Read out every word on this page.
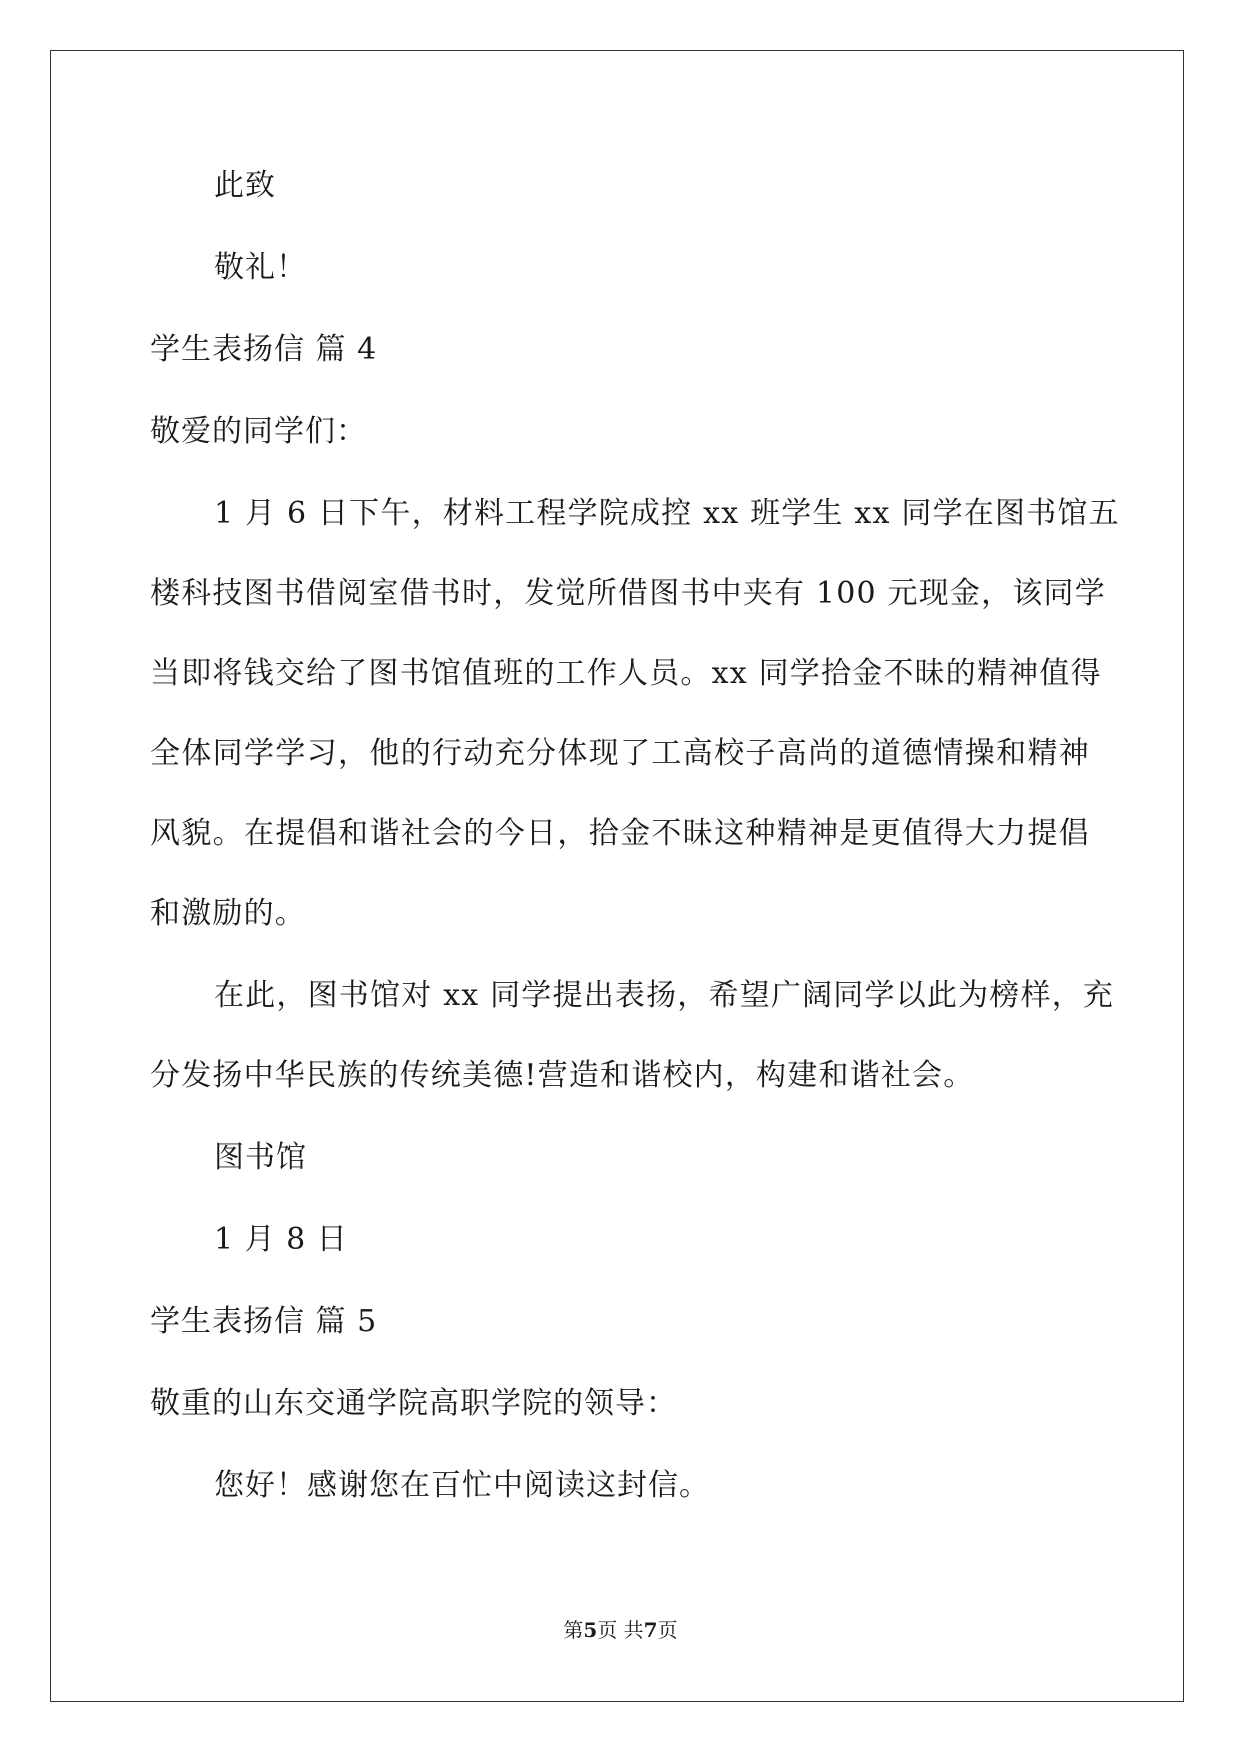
此致
敬礼！
学生表扬信 篇 4
敬爱的同学们：
1 月 6 日下午，材料工程学院成控 xx 班学生 xx 同学在图书馆五
楼科技图书借阅室借书时，发觉所借图书中夹有 100 元现金，该同学
当即将钱交给了图书馆值班的工作人员。xx 同学拾金不昧的精神值得
全体同学学习，他的行动充分体现了工高校子高尚的道德情操和精神
风貌。在提倡和谐社会的今日，拾金不昧这种精神是更值得大力提倡
和激励的。
在此，图书馆对 xx 同学提出表扬，希望广阔同学以此为榜样，充
分发扬中华民族的传统美德!营造和谐校内，构建和谐社会。
图书馆
1 月 8 日
学生表扬信 篇 5
敬重的山东交通学院高职学院的领导：
您好！感谢您在百忙中阅读这封信。
第5页 共7页
